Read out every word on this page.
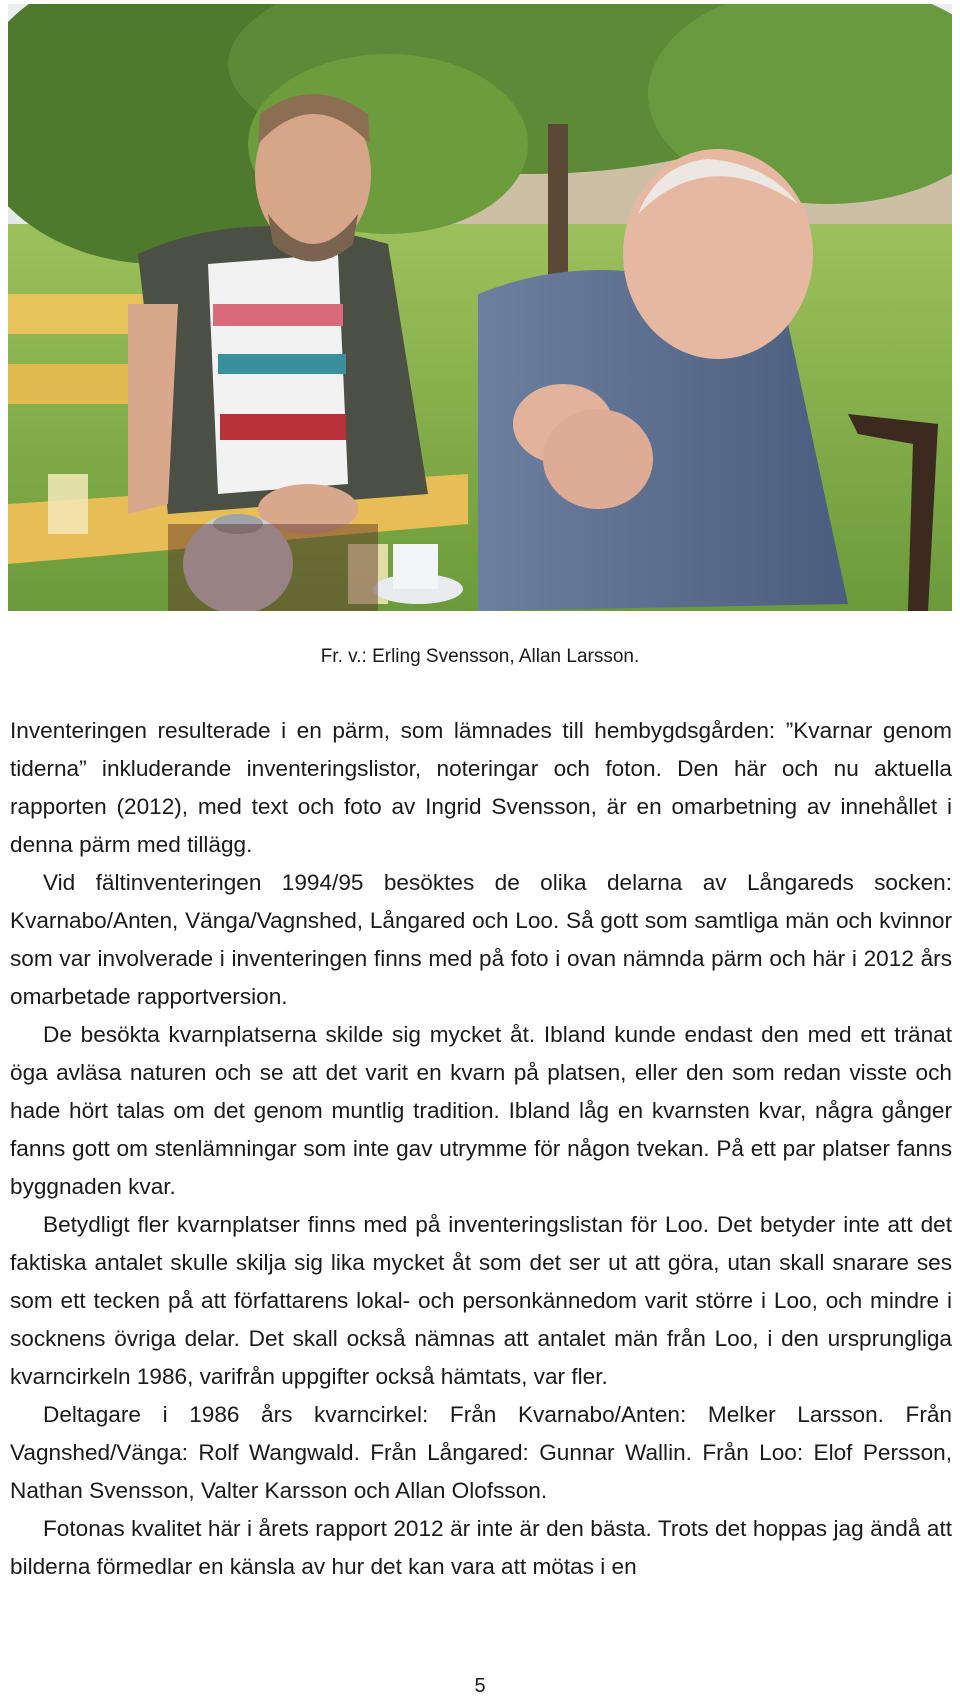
Fr. v.: Erling Svensson, Allan Larsson.

Inventeringen resulterade i en pärm, som lämnades till hembygdsgården: ”Kvarnar genom tiderna” inkluderande inventeringslistor, noteringar och foton. Den här och nu aktuella rapporten (2012), med text och foto av Ingrid Svensson, är en omarbetning av innehållet i denna pärm med tillägg.

Vid fältinventeringen 1994/95 besöktes de olika delarna av Långareds socken: Kvarnabo/Anten, Vänga/Vagnshed, Långared och Loo. Så gott som samtliga män och kvinnor som var involverade i inventeringen finns med på foto i ovan nämnda pärm och här i 2012 års omarbetade rapportversion.

De besökta kvarnplatserna skilde sig mycket åt. Ibland kunde endast den med ett tränat öga avläsa naturen och se att det varit en kvarn på platsen, eller den som redan visste och hade hört talas om det genom muntlig tradition. Ibland låg en kvarnsten kvar, några gånger fanns gott om stenlämningar som inte gav utrymme för någon tvekan. På ett par platser fanns byggnaden kvar.

Betydligt fler kvarnplatser finns med på inventeringslistan för Loo. Det betyder inte att det faktiska antalet skulle skilja sig lika mycket åt som det ser ut att göra, utan skall snarare ses som ett tecken på att författarens lokal- och personkännedom varit större i Loo, och mindre i socknens övriga delar. Det skall också nämnas att antalet män från Loo, i den ursprungliga kvarncirkeln 1986, varifrån uppgifter också hämtats, var fler.

Deltagare i 1986 års kvarncirkel: Från Kvarnabo/Anten: Melker Larsson. Från Vagnshed/Vänga: Rolf Wangwald. Från Långared: Gunnar Wallin. Från Loo: Elof Persson, Nathan Svensson, Valter Karsson och Allan Olofsson.

Fotonas kvalitet här i årets rapport 2012 är inte är den bästa. Trots det hoppas jag ändå att bilderna förmedlar en känsla av hur det kan vara att mötas i en

5
